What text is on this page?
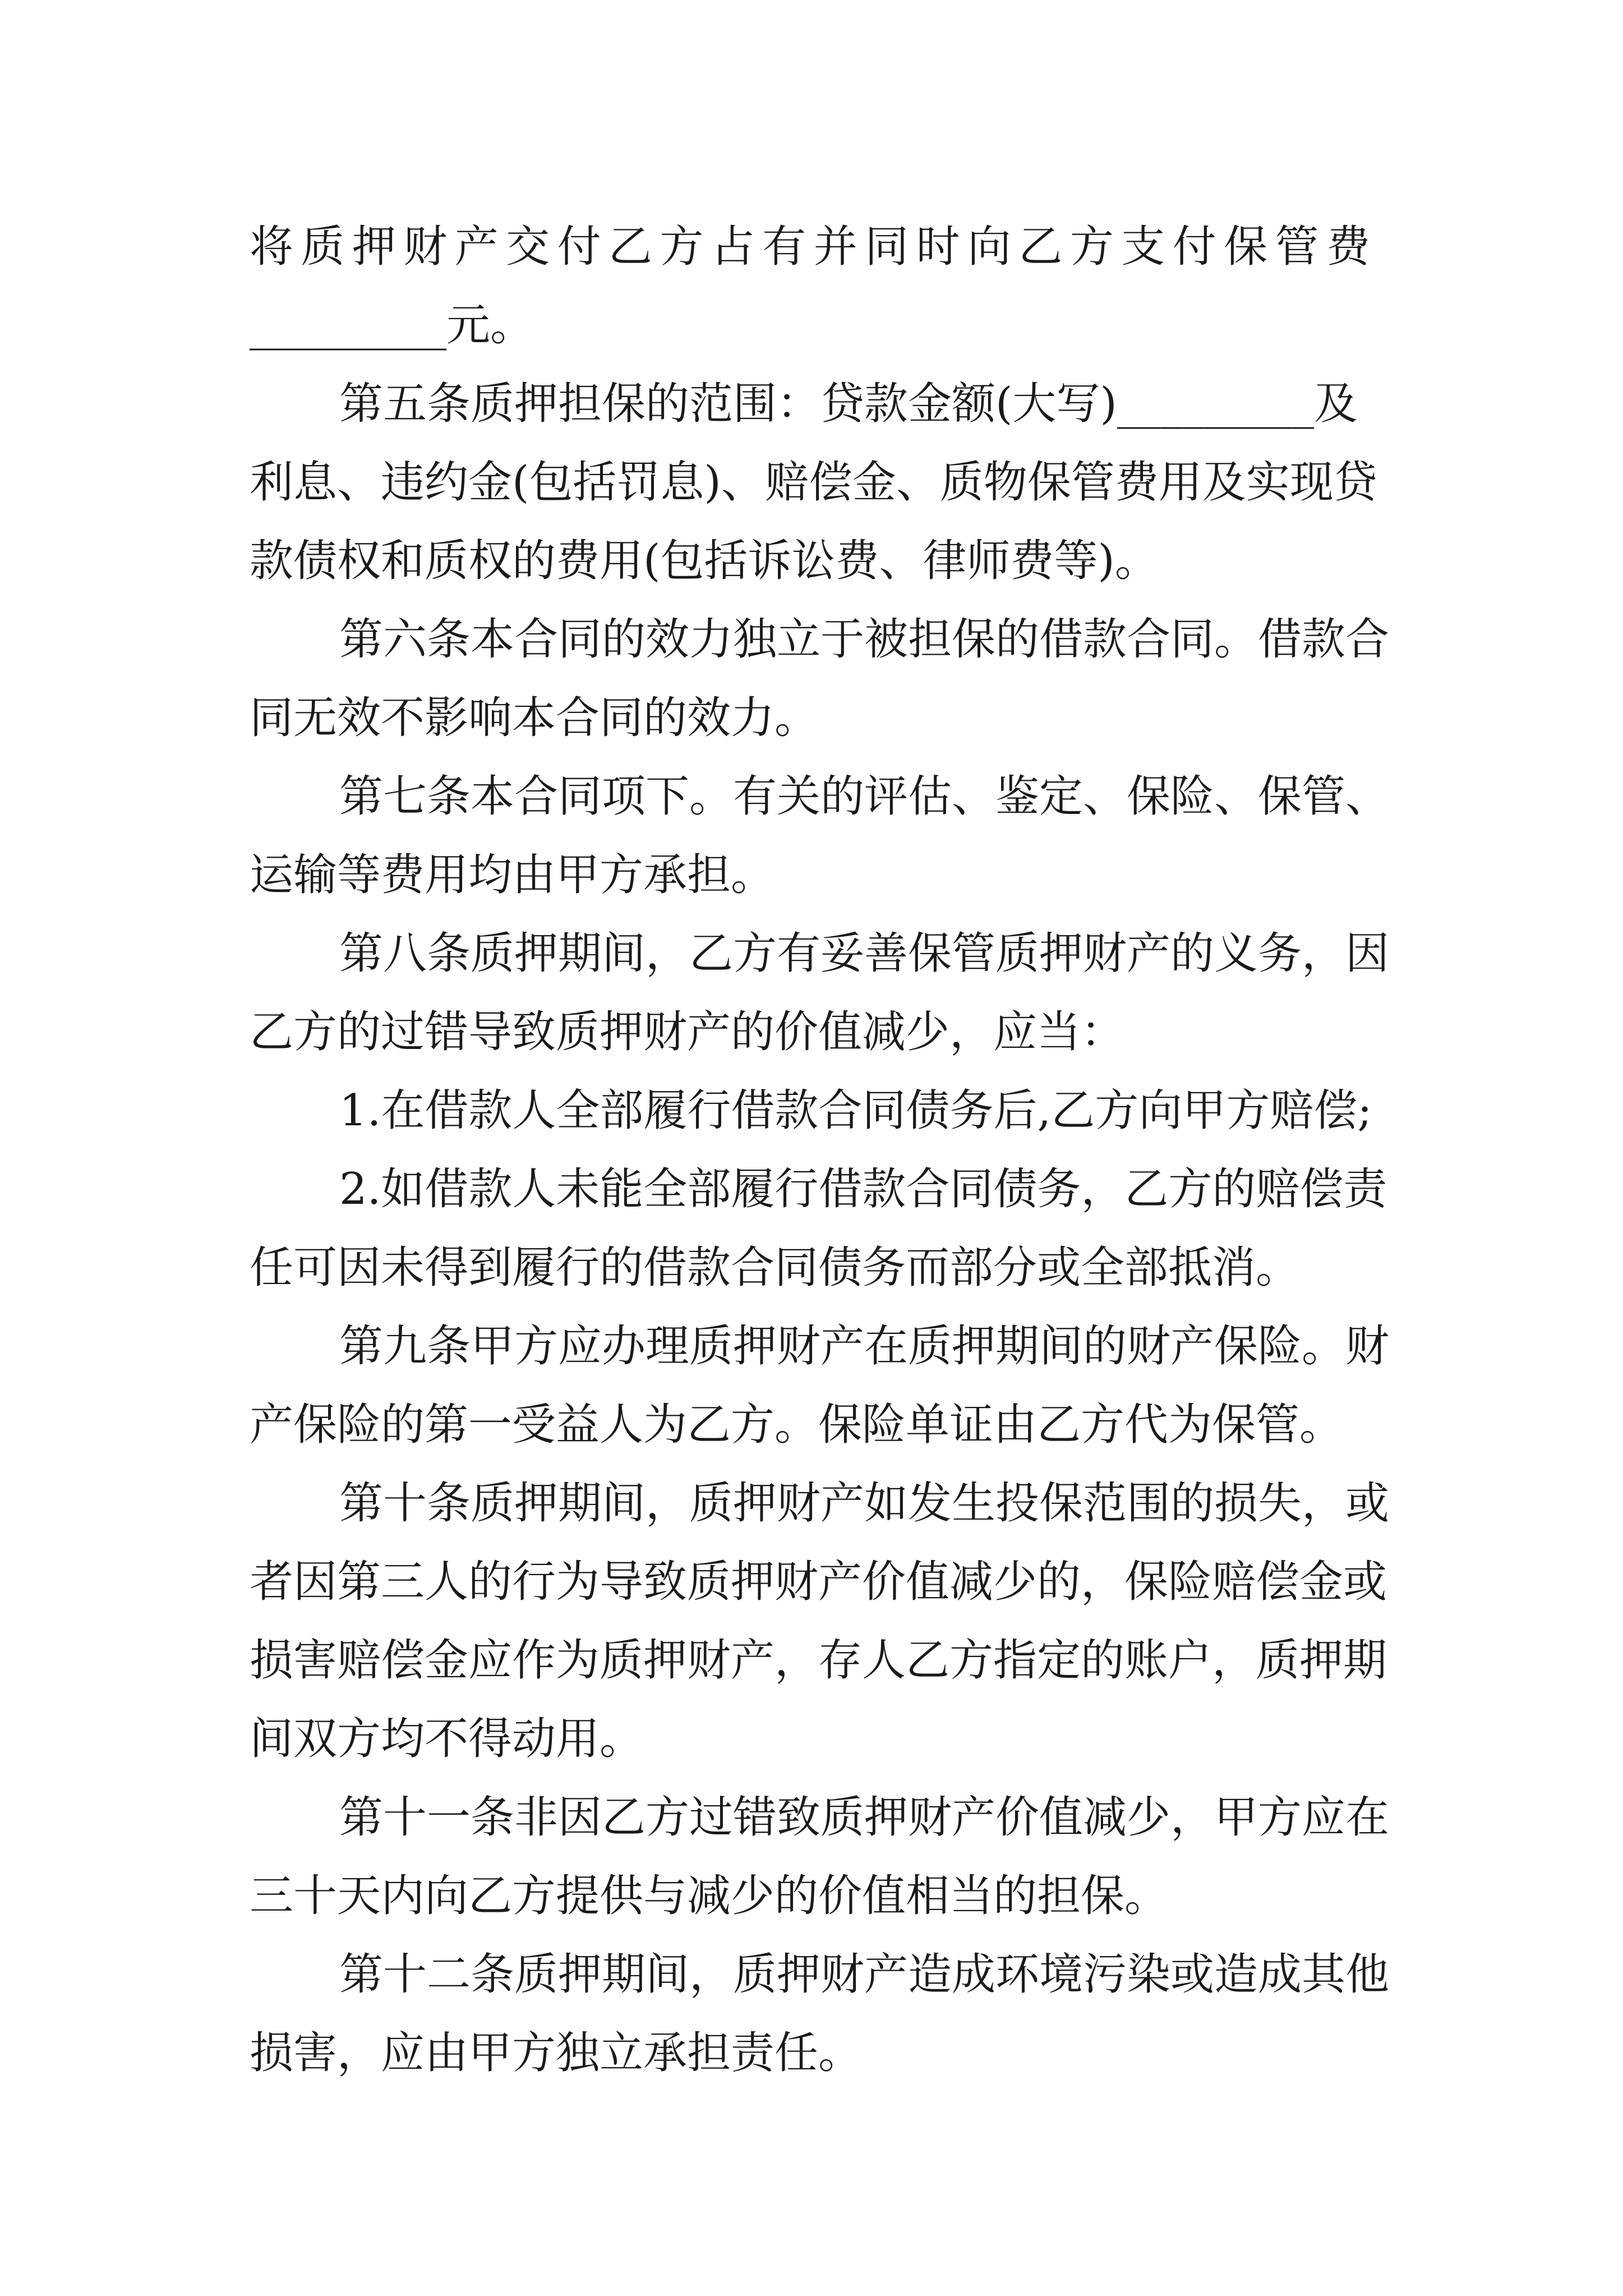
将质押财产交付乙方占有并同时向乙方支付保管费
_________元。
第五条质押担保的范围：贷款金额(大写)_________及
利息、违约金(包括罚息)、赔偿金、质物保管费用及实现贷
款债权和质权的费用(包括诉讼费、律师费等)。
第六条本合同的效力独立于被担保的借款合同。借款合
同无效不影响本合同的效力。
第七条本合同项下。有关的评估、鉴定、保险、保管、
运输等费用均由甲方承担。
第八条质押期间，乙方有妥善保管质押财产的义务，因
乙方的过错导致质押财产的价值减少，应当：
1.在借款人全部履行借款合同债务后,乙方向甲方赔偿;
2.如借款人未能全部履行借款合同债务，乙方的赔偿责
任可因未得到履行的借款合同债务而部分或全部抵消。
第九条甲方应办理质押财产在质押期间的财产保险。财
产保险的第一受益人为乙方。保险单证由乙方代为保管。
第十条质押期间，质押财产如发生投保范围的损失，或
者因第三人的行为导致质押财产价值减少的，保险赔偿金或
损害赔偿金应作为质押财产，存人乙方指定的账户，质押期
间双方均不得动用。
第十一条非因乙方过错致质押财产价值减少，甲方应在
三十天内向乙方提供与减少的价值相当的担保。
第十二条质押期间，质押财产造成环境污染或造成其他
损害，应由甲方独立承担责任。
